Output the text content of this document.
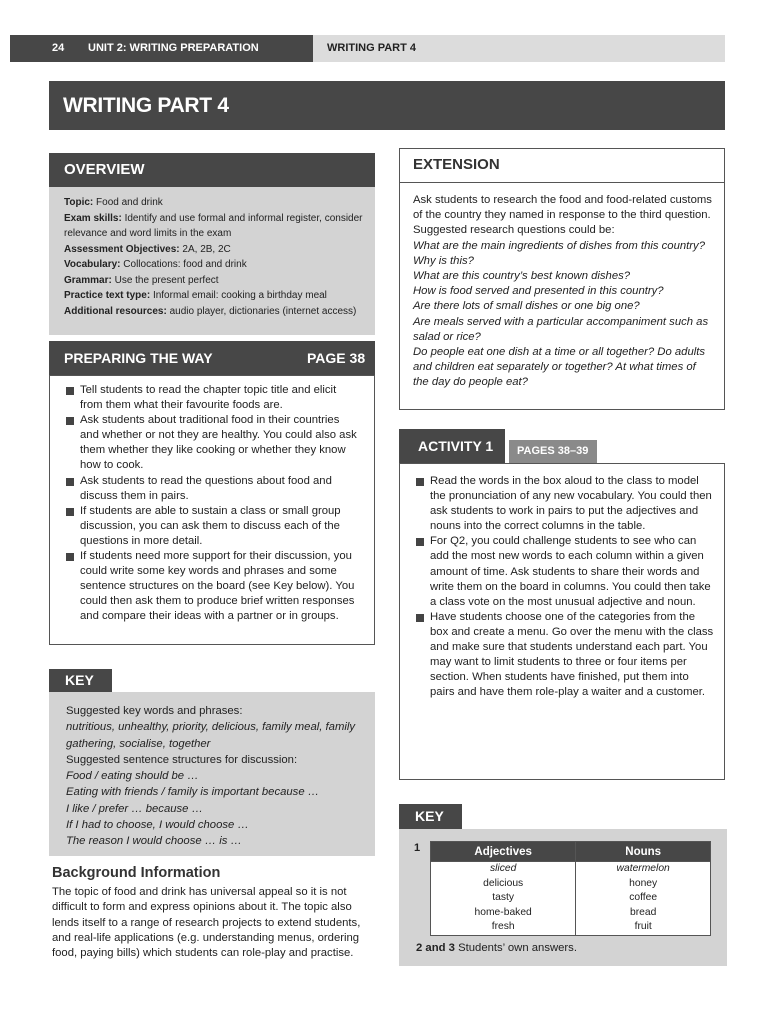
24 UNIT 2: WRITING PREPARATION	WRITING PART 4
WRITING PART 4
OVERVIEW
Topic: Food and drink
Exam skills: Identify and use formal and informal register, consider relevance and word limits in the exam
Assessment Objectives: 2A, 2B, 2C
Vocabulary: Collocations: food and drink
Grammar: Use the present perfect
Practice text type: Informal email: cooking a birthday meal
Additional resources: audio player, dictionaries (internet access)
PREPARING THE WAY	PAGE 38
Tell students to read the chapter topic title and elicit from them what their favourite foods are.
Ask students about traditional food in their countries and whether or not they are healthy. You could also ask them whether they like cooking or whether they know how to cook.
Ask students to read the questions about food and discuss them in pairs.
If students are able to sustain a class or small group discussion, you can ask them to discuss each of the questions in more detail.
If students need more support for their discussion, you could write some key words and phrases and some sentence structures on the board (see Key below). You could then ask them to produce brief written responses and compare their ideas with a partner or in groups.
KEY
Suggested key words and phrases:
nutritious, unhealthy, priority, delicious, family meal, family gathering, socialise, together
Suggested sentence structures for discussion:
Food / eating should be …
Eating with friends / family is important because …
I like / prefer … because …
If I had to choose, I would choose …
The reason I would choose … is …
Background Information
The topic of food and drink has universal appeal so it is not difficult to form and express opinions about it. The topic also lends itself to a range of research projects to extend students, and real-life applications (e.g. understanding menus, ordering food, paying bills) which students can role-play and practise.
EXTENSION
Ask students to research the food and food-related customs of the country they named in response to the third question. Suggested research questions could be:
What are the main ingredients of dishes from this country? Why is this?
What are this country’s best known dishes?
How is food served and presented in this country?
Are there lots of small dishes or one big one?
Are meals served with a particular accompaniment such as salad or rice?
Do people eat one dish at a time or all together? Do adults and children eat separately or together? At what times of the day do people eat?
ACTIVITY 1	PAGES 38–39
Read the words in the box aloud to the class to model the pronunciation of any new vocabulary. You could then ask students to work in pairs to put the adjectives and nouns into the correct columns in the table.
For Q2, you could challenge students to see who can add the most new words to each column within a given amount of time. Ask students to share their words and write them on the board in columns. You could then take a class vote on the most unusual adjective and noun.
Have students choose one of the categories from the box and create a menu. Go over the menu with the class and make sure that students understand each part. You may want to limit students to three or four items per section. When students have finished, put them into pairs and have them role-play a waiter and a customer.
KEY
1	Adjectives	Nouns
sliced	watermelon
delicious	honey
tasty	coffee
home-baked	bread
fresh	fruit
2 and 3 Students’ own answers.
